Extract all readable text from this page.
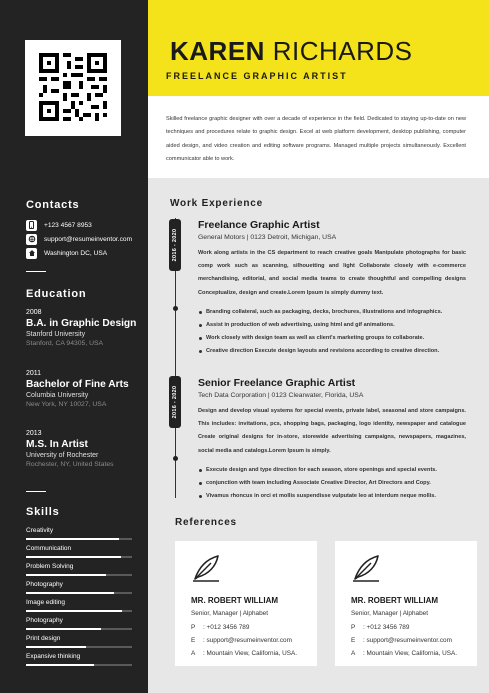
Contacts
+123 4567 8953
support@resumeinventor.com
Washington DC, USA
Education
2008
B.A. in Graphic Design
Stanford University
Stanford, CA 94305, USA
2011
Bachelor of Fine Arts
Columbia University
New York, NY 10027, USA
2013
M.S. In Artist
University of Rochester
Rochester, NY, United States
Skills
Creativity
Communication
Problem Solving
Photography
Image editing
Photography
Print design
Expansive thinking
KAREN RICHARDS
FREELANCE GRAPHIC ARTIST
Skilled freelance graphic designer with over a decade of experience in the field. Dedicated to staying up-to-date on new techniques and procedures relate to graphic design. Excel at web platform development, desktop publishing, computer aided design, and video creation and editing software programs. Managed multiple projects simultaneously. Excellent communicator able to work.
Work Experience
2016 - 2020
2016 - 2020
Freelance Graphic Artist
General Motors | 0123 Detroit, Michigan, USA
Work along artists in the CS department to reach creative goals Manipulate photographs for basic comp work such as scanning, silhouetting and light Collaborate closely with e-commerce merchandising, editorial, and social media teams to create thoughtful and compelling designs Conceptualize, design and create.Lorem Ipsum is simply dummy text.
Branding collateral, such as packaging, decks, brochures, illustrations and infographics.
Assist in production of web advertising, using html and gif animations.
Work closely with design team as well as client's marketing groups to collaborate.
Creative direction Execute design layouts and revisions according to creative direction.
Senior Freelance Graphic Artist
Tech Data Corporation | 0123 Clearwater, Florida, USA
Design and develop visual systems for special events, private label, seasonal and store campaigns. This includes: invitations, pcs, shopping bags, packaging, logo identity, newspaper and catalogue Create original designs for in-store, storewide advertising campaigns, newspapers, magazines, social media and catalogs.Lorem Ipsum is simply.
Execute design and type direction for each season, store openings and special events.
conjunction with team including Associate Creative Director, Art Directors and Copy.
Vivamus rhoncus in orci et mollis suspendisse vulputate leo at interdum neque mollis.
References
MR. ROBERT WILLIAM
Senior, Manager | Alphabet
P : +012 3456 789
E : support@resumeinventor.com
A : Mountain View, California, USA.
MR. ROBERT WILLIAM
Senior, Manager | Alphabet
P : +012 3456 789
E : support@resumeinventor.com
A : Mountain View, California, USA.
